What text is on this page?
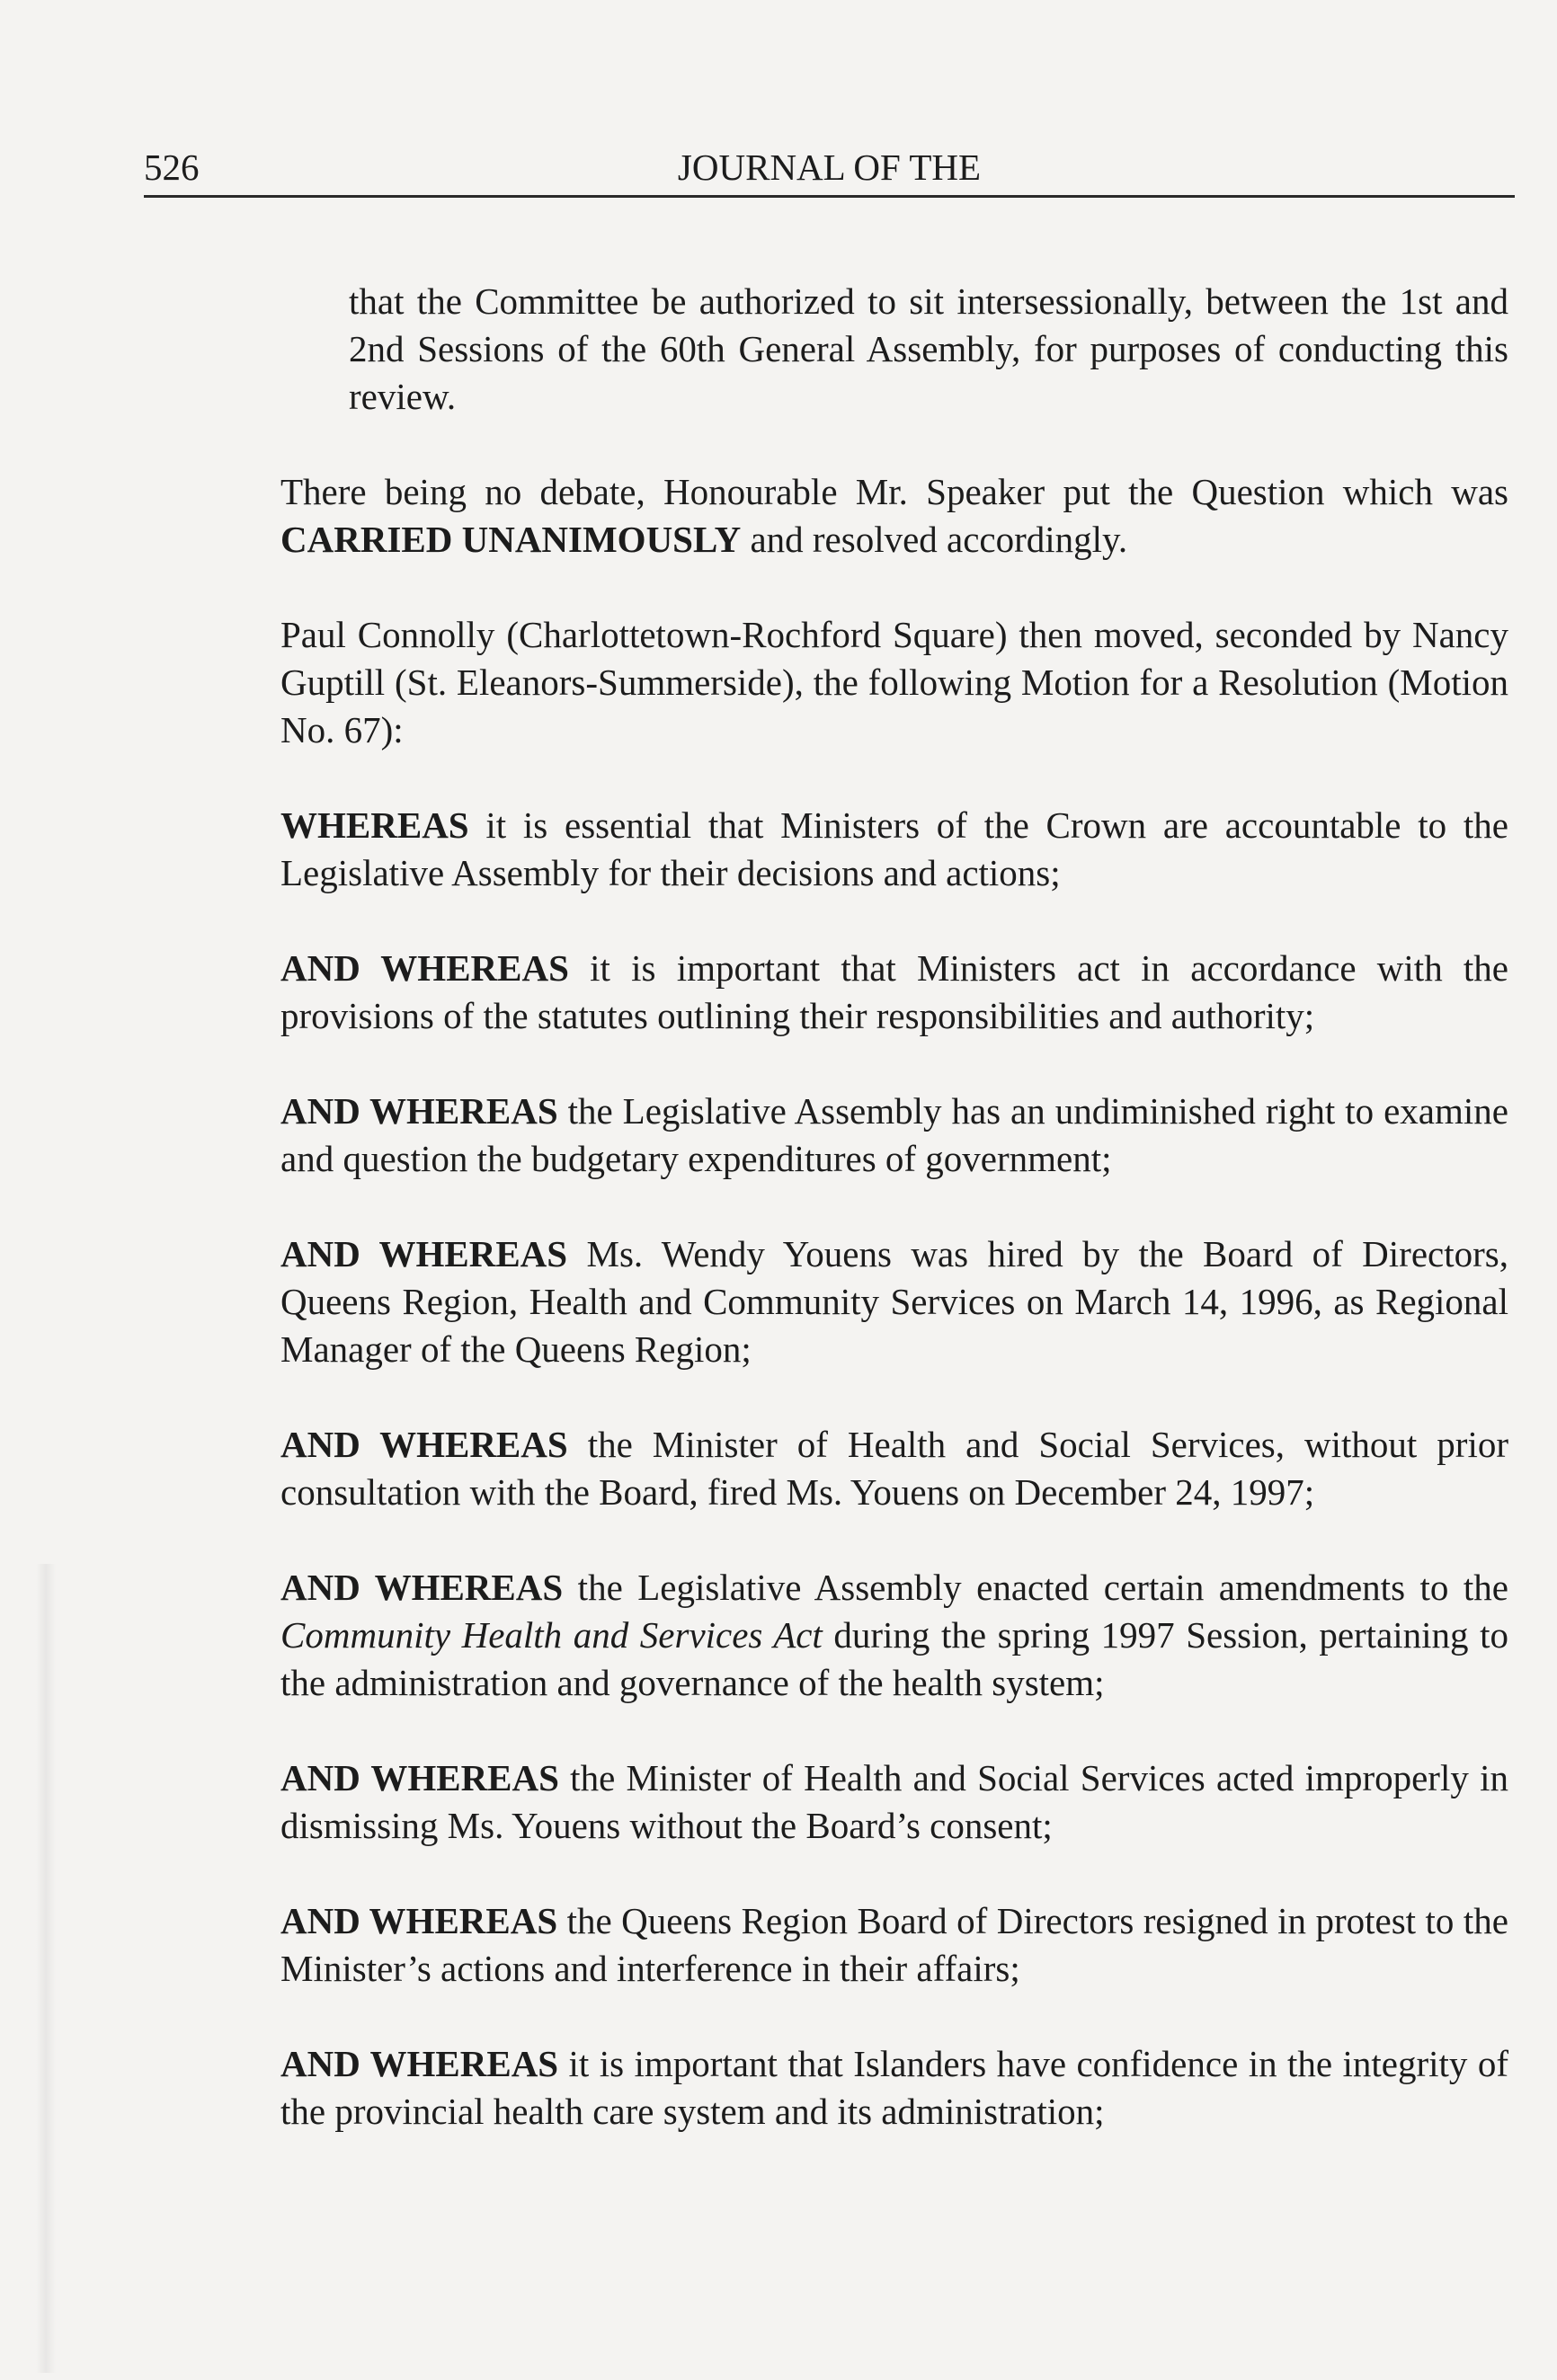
526	JOURNAL OF THE

that the Committee be authorized to sit intersessionally, between the 1st and 2nd Sessions of the 60th General Assembly, for purposes of conducting this review.

There being no debate, Honourable Mr. Speaker put the Question which was CARRIED UNANIMOUSLY and resolved accordingly.

Paul Connolly (Charlottetown-Rochford Square) then moved, seconded by Nancy Guptill (St. Eleanors-Summerside), the following Motion for a Resolution (Motion No. 67):

WHEREAS it is essential that Ministers of the Crown are accountable to the Legislative Assembly for their decisions and actions;

AND WHEREAS it is important that Ministers act in accordance with the provisions of the statutes outlining their responsibilities and authority;

AND WHEREAS the Legislative Assembly has an undiminished right to examine and question the budgetary expenditures of government;

AND WHEREAS Ms. Wendy Youens was hired by the Board of Directors, Queens Region, Health and Community Services on March 14, 1996, as Regional Manager of the Queens Region;

AND WHEREAS the Minister of Health and Social Services, without prior consultation with the Board, fired Ms. Youens on December 24, 1997;

AND WHEREAS the Legislative Assembly enacted certain amendments to the Community Health and Services Act during the spring 1997 Session, pertaining to the administration and governance of the health system;

AND WHEREAS the Minister of Health and Social Services acted improperly in dismissing Ms. Youens without the Board’s consent;

AND WHEREAS the Queens Region Board of Directors resigned in protest to the Minister’s actions and interference in their affairs;

AND WHEREAS it is important that Islanders have confidence in the integrity of the provincial health care system and its administration;
